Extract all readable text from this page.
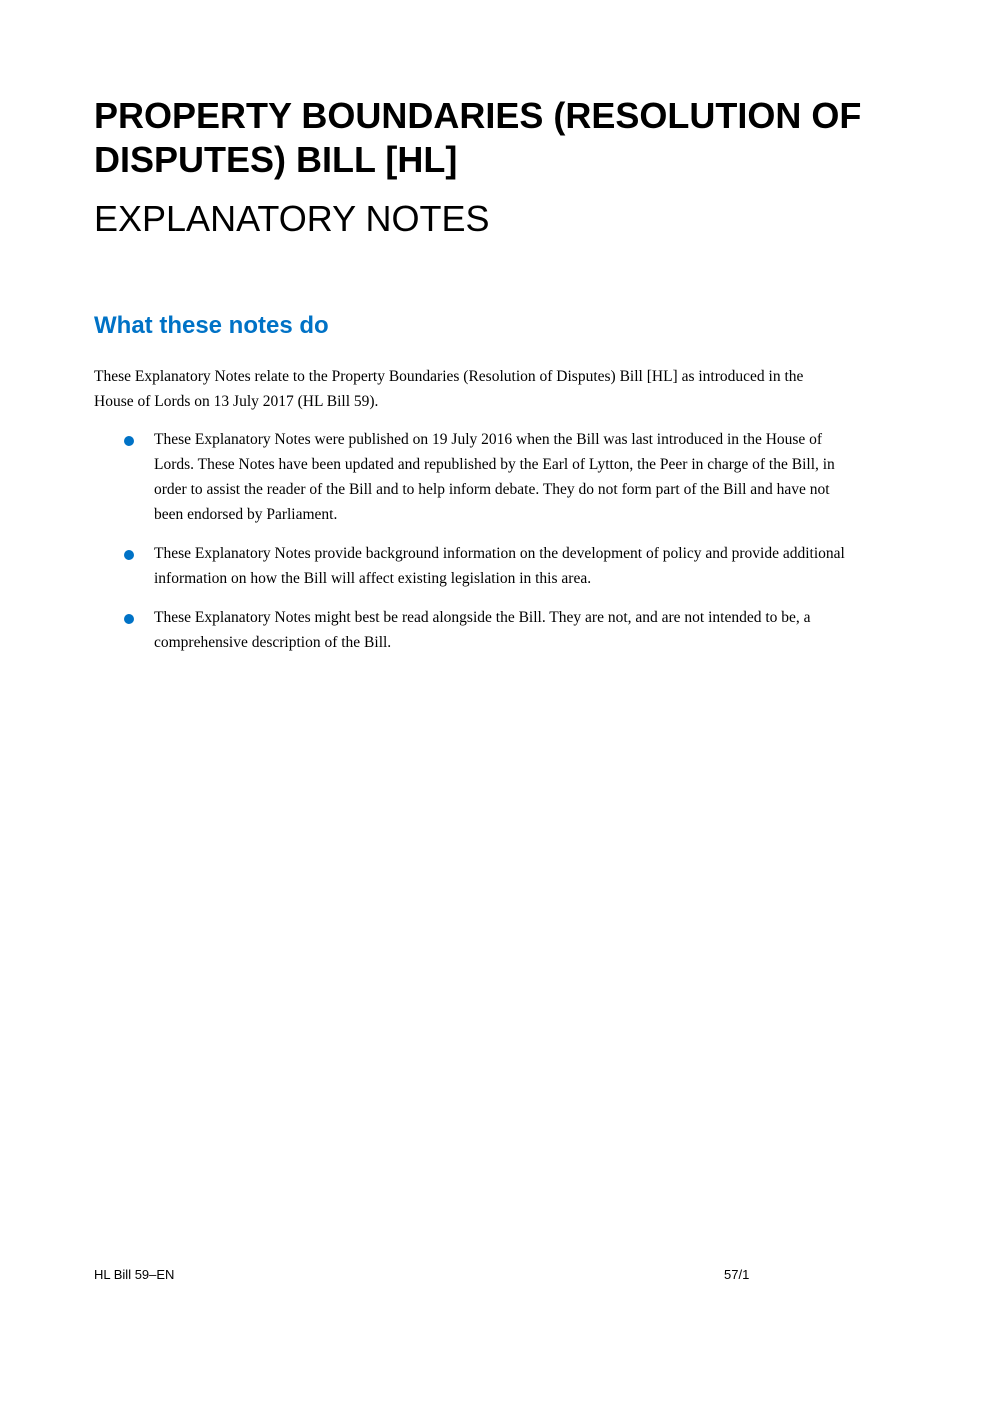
PROPERTY BOUNDARIES (RESOLUTION OF DISPUTES) BILL [HL]
EXPLANATORY NOTES
What these notes do

These Explanatory Notes relate to the Property Boundaries (Resolution of Disputes) Bill [HL] as introduced in the House of Lords on 13 July 2017 (HL Bill 59).

These Explanatory Notes were published on 19 July 2016 when the Bill was last introduced in the House of Lords. These Notes have been updated and republished by the Earl of Lytton, the Peer in charge of the Bill, in order to assist the reader of the Bill and to help inform debate. They do not form part of the Bill and have not been endorsed by Parliament.
These Explanatory Notes provide background information on the development of policy and provide additional information on how the Bill will affect existing legislation in this area.
These Explanatory Notes might best be read alongside the Bill. They are not, and are not intended to be, a comprehensive description of the Bill.
HL Bill 59–EN	57/1
